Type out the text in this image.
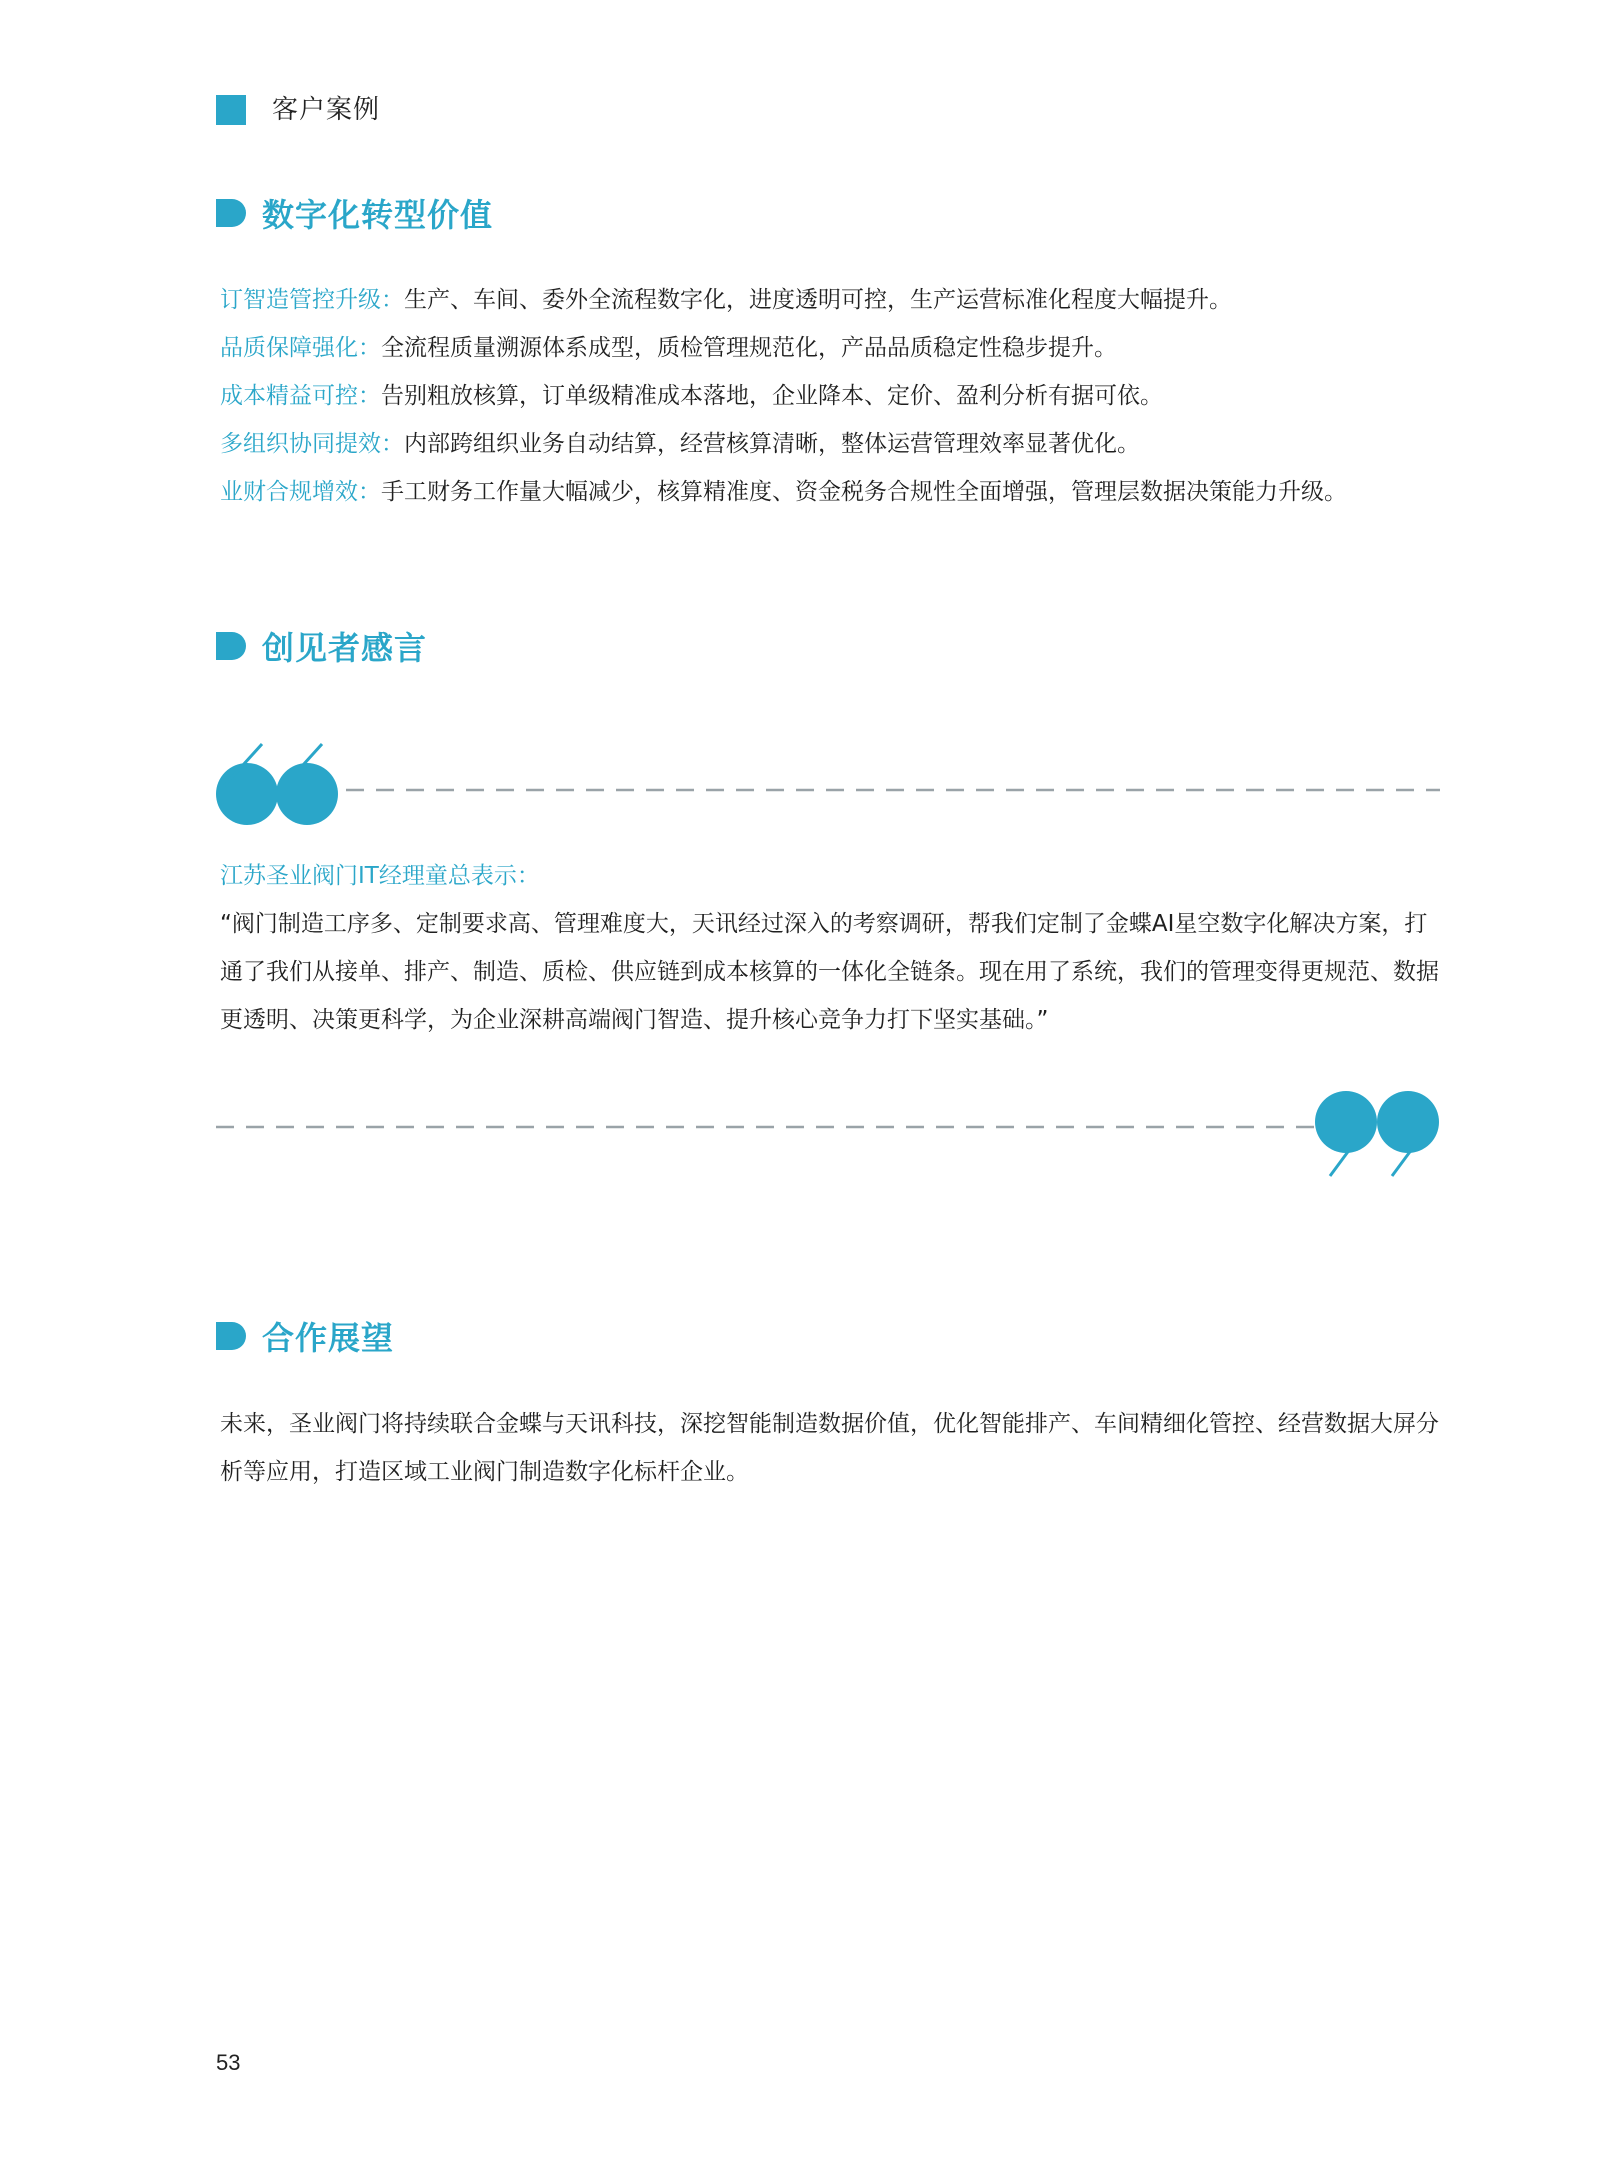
客户案例
数字化转型价值
订智造管控升级：生产、车间、委外全流程数字化，进度透明可控，生产运营标准化程度大幅提升。
品质保障强化：全流程质量溯源体系成型，质检管理规范化，产品品质稳定性稳步提升。
成本精益可控：告别粗放核算，订单级精准成本落地，企业降本、定价、盈利分析有据可依。
多组织协同提效：内部跨组织业务自动结算，经营核算清晰，整体运营管理效率显著优化。
业财合规增效：手工财务工作量大幅减少，核算精准度、资金税务合规性全面增强，管理层数据决策能力升级。
创见者感言
江苏圣业阀门IT经理童总表示：
“阀门制造工序多、定制要求高、管理难度大，天讯经过深入的考察调研，帮我们定制了金蝶AI星空数字化解决方案，打通了我们从接单、排产、制造、质检、供应链到成本核算的一体化全链条。现在用了系统，我们的管理变得更规范、数据更透明、决策更科学，为企业深耕高端阀门智造、提升核心竞争力打下坚实基础。”
合作展望
未来，圣业阀门将持续联合金蝶与天讯科技，深挖智能制造数据价值，优化智能排产、车间精细化管控、经营数据大屏分析等应用，打造区域工业阀门制造数字化标杆企业。
53
